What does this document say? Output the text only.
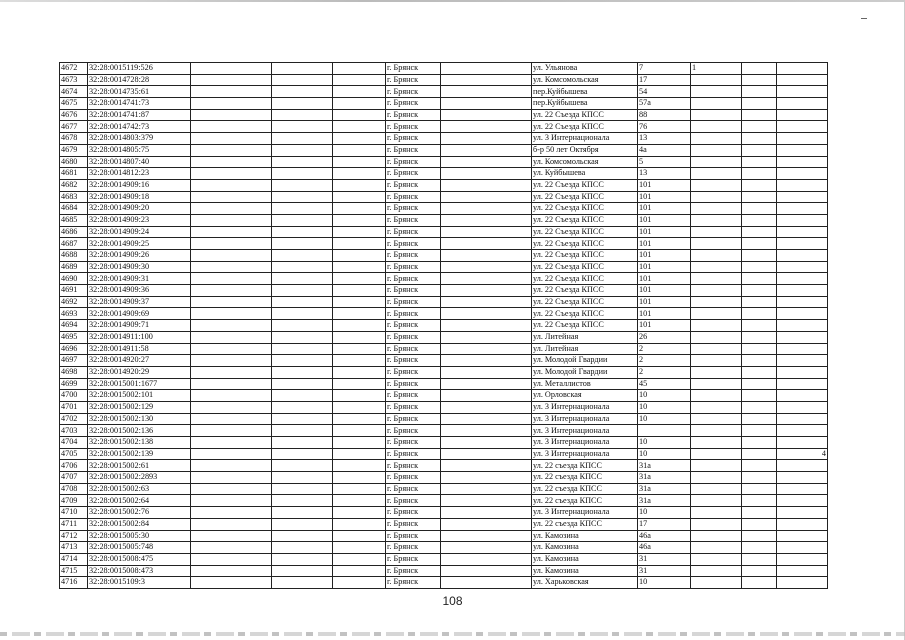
4672	32:28:0015119:526				г. Брянск		ул. Ульянова	7	1		
4673	32:28:0014728:28				г. Брянск		ул. Комсомольская	17			
4674	32:28:0014735:61				г. Брянск		пер.Куйбышева	54			
4675	32:28:0014741:73				г. Брянск		пер.Куйбышева	57а			
4676	32:28:0014741:87				г. Брянск		ул. 22 Съезда КПСС	88			
4677	32:28:0014742:73				г. Брянск		ул. 22 Съезда КПСС	76			
4678	32:28:0014803:379				г. Брянск		ул. 3 Интернационала	13			
4679	32:28:0014805:75				г. Брянск		б-р 50 лет Октября	4а			
4680	32:28:0014807:40				г. Брянск		ул. Комсомольская	5			
4681	32:28:0014812:23				г. Брянск		ул. Куйбышева	13			
4682	32:28:0014909:16				г. Брянск		ул. 22 Съезда КПСС	101			
4683	32:28:0014909:18				г. Брянск		ул. 22 Съезда КПСС	101			
4684	32:28:0014909:20				г. Брянск		ул. 22 Съезда КПСС	101			
4685	32:28:0014909:23				г. Брянск		ул. 22 Съезда КПСС	101			
4686	32:28:0014909:24				г. Брянск		ул. 22 Съезда КПСС	101			
4687	32:28:0014909:25				г. Брянск		ул. 22 Съезда КПСС	101			
4688	32:28:0014909:26				г. Брянск		ул. 22 Съезда КПСС	101			
4689	32:28:0014909:30				г. Брянск		ул. 22 Съезда КПСС	101			
4690	32:28:0014909:31				г. Брянск		ул. 22 Съезда КПСС	101			
4691	32:28:0014909:36				г. Брянск		ул. 22 Съезда КПСС	101			
4692	32:28:0014909:37				г. Брянск		ул. 22 Съезда КПСС	101			
4693	32:28:0014909:69				г. Брянск		ул. 22 Съезда КПСС	101			
4694	32:28:0014909:71				г. Брянск		ул. 22 Съезда КПСС	101			
4695	32:28:0014911:100				г. Брянск		ул. Литейная	26			
4696	32:28:0014911:58				г. Брянск		ул. Литейная	2			
4697	32:28:0014920:27				г. Брянск		ул. Молодой Гвардии	2			
4698	32:28:0014920:29				г. Брянск		ул. Молодой Гвардии	2			
4699	32:28:0015001:1677				г. Брянск		ул. Металлистов	45			
4700	32:28:0015002:101				г. Брянск		ул. Орловская	10			
4701	32:28:0015002:129				г. Брянск		ул. 3 Интернационала	10			
4702	32:28:0015002:130				г. Брянск		ул. 3 Интернационала	10			
4703	32:28:0015002:136				г. Брянск		ул. 3 Интернационала				
4704	32:28:0015002:138				г. Брянск		ул. 3 Интернационала	10			
4705	32:28:0015002:139				г. Брянск		ул. 3 Интернационала	10			4
4706	32:28:0015002:61				г. Брянск		ул. 22 съезда КПСС	31а			
4707	32:28:0015002:2893				г. Брянск		ул. 22 съезда КПСС	31а			
4708	32:28:0015002:63				г. Брянск		ул. 22 съезда КПСС	31а			
4709	32:28:0015002:64				г. Брянск		ул. 22 съезда КПСС	31а			
4710	32:28:0015002:76				г. Брянск		ул. 3 Интернационала	10			
4711	32:28:0015002:84				г. Брянск		ул. 22 съезда КПСС	17			
4712	32:28:0015005:30				г. Брянск		ул. Камозина	46а			
4713	32:28:0015005:748				г. Брянск		ул. Камозина	46а			
4714	32:28:0015008:475				г. Брянск		ул. Камозина	31			
4715	32:28:0015008:473				г. Брянск		ул. Камозина	31			
4716	32:28:0015109:3				г. Брянск		ул. Харьковская	10			
108
